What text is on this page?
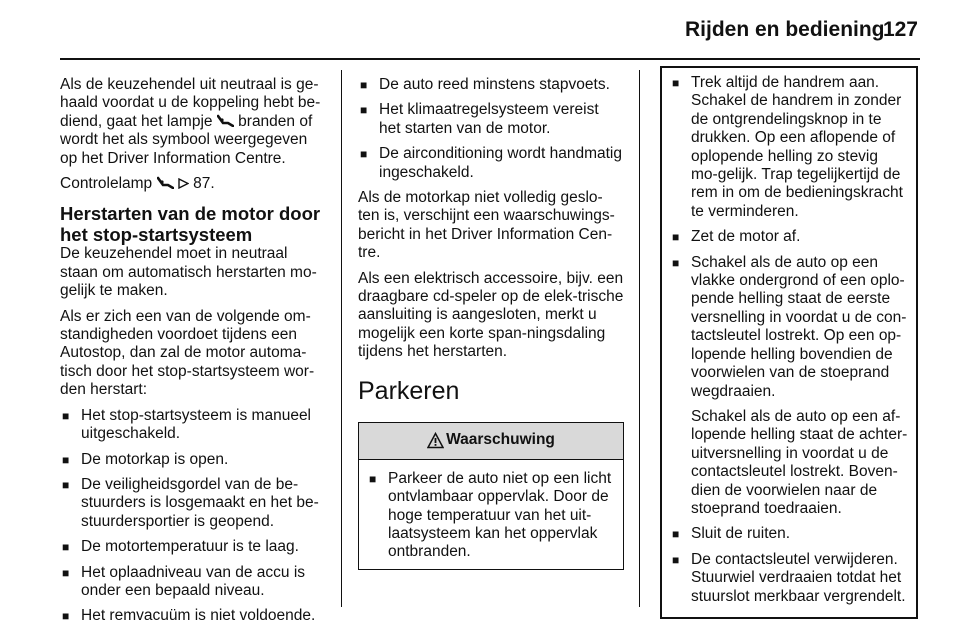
Rijden en bediening
127

Als de keuzehendel uit neutraal is ge-haald voordat u de koppeling hebt be-diend, gaat het lampje branden of wordt het als symbool weergegeven op het Driver Information Centre.

Controlelamp	87.

Herstarten van de motor door het stop-startsysteem

De keuzehendel moet in neutraal staan om automatisch herstarten mo-gelijk te maken.

Als er zich een van de volgende om-standigheden voordoet tijdens een Autostop, dan zal de motor automa-tisch door het stop-startsysteem wor-den herstart:

■ Het stop-startsysteem is manueel uitgeschakeld.
■ De motorkap is open.
■ De veiligheidsgordel van de be-stuurders is losgemaakt en het be-stuurdersportier is geopend.
■ De motortemperatuur is te laag.
■ Het oplaadniveau van de accu is onder een bepaald niveau.
■ Het remvacuüm is niet voldoende.
■ De auto reed minstens stapvoets.
■ Het klimaatregelsysteem vereist het starten van de motor.
■ De airconditioning wordt handmatig ingeschakeld.

Als de motorkap niet volledig geslo-ten is, verschijnt een waarschuwings-bericht in het Driver Information Cen-tre.

Als een elektrisch accessoire, bijv. een draagbare cd-speler op de elek-trische aansluiting is aangesloten, merkt u mogelijk een korte span-ningsdaling tijdens het herstarten.

Parkeren
Waarschuwing
■ Parkeer de auto niet op een licht ontvlambaar oppervlak. Door de hoge temperatuur van het uit-laatsysteem kan het oppervlak ontbranden.
■ Trek altijd de handrem aan. Schakel de handrem in zonder de ontgrendelingsknop in te drukken. Op een aflopende of oplopende helling zo stevig mo-gelijk. Trap tegelijkertijd de rem in om de bedieningskracht te verminderen.
■ Zet de motor af.
■ Schakel als de auto op een vlakke ondergrond of een oplo-pende helling staat de eerste versnelling in voordat u de con-tactsleutel lostrekt. Op een op-lopende helling bovendien de voorwielen van de stoeprand wegdraaien.

Schakel als de auto op een af-lopende helling staat de achter-uitversnelling in voordat u de contactsleutel lostrekt. Boven-dien de voorwielen naar de stoeprand toedraaien.

■ Sluit de ruiten.
■ De contactsleutel verwijderen. Stuurwiel verdraaien totdat het stuurslot merkbaar vergrendelt.
